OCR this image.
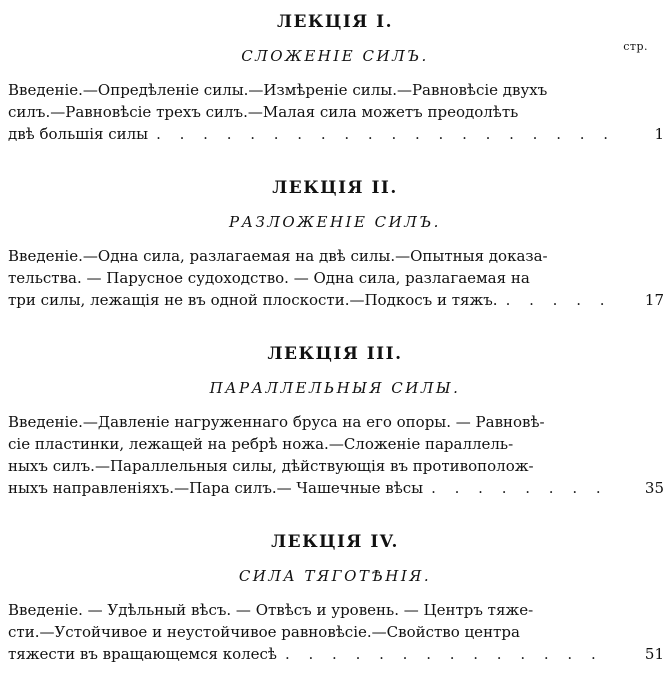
стр.
ЛЕКЦІЯ І.
СЛОЖЕНІЕ СИЛЪ.
Введеніе.—Опредѣленіе силы.—Измѣреніе силы.—Равновѣсіе двухъ
силъ.—Равновѣсіе трехъ силъ.—Малая сила можетъ преодолѣть
двѣ большія силы . . .	1
ЛЕКЦІЯ ІІ.
РАЗЛОЖЕНІЕ СИЛЪ.
Введеніе.—Одна сила, разлагаемая на двѣ силы.—Опытныя доказа-
тельства. — Парусное судоходство. — Одна сила, разлагаемая на
три силы, лежащія не въ одной плоскости.—Подкосъ и тяжъ. . . .	17
ЛЕКЦІЯ ІІІ.
ПАРАЛЛЕЛЬНЫЯ СИЛЫ.
Введеніе.—Давленіе нагруженнаго бруса на его опоры. — Равновѣ-
сіе пластинки, лежащей на ребрѣ ножа.—Сложеніе параллель-
ныхъ силъ.—Параллельныя силы, дѣйствующія въ противополож-
ныхъ направленіяхъ.—Пара силъ.— Чашечные вѣсы . . .	35
ЛЕКЦІЯ IV.
СИЛА ТЯГОТѢНІЯ.
Введеніе. — Удѣльный вѣсъ. — Отвѣсъ и уровень. — Центръ тяже-
сти.—Устойчивое и неустойчивое равновѣсіе.—Свойство центра
тяжести въ вращающемся колесѣ . . .	51
